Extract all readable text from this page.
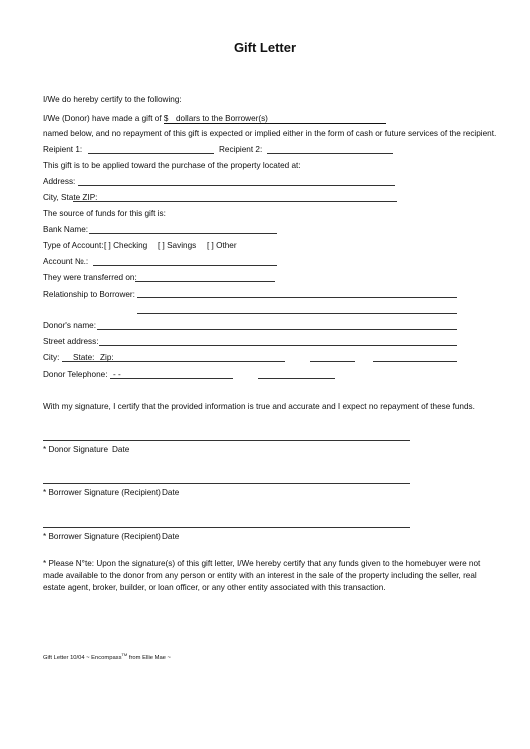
Gift Letter
I/We do hereby certify to the following:
I/We (Donor) have made a gift of $ dollars to the Borrower(s)
named below, and no repayment of this gift is expected or implied either in the form of cash or future services of the recipient.
Reipient 1:	Recipient 2:
This gift is to be applied toward the purchase of the property located at:
Address:
City, State ZIP:
The source of funds for this gift is:
Bank Name:
Type of Account: [ ] Checking [ ] Savings [ ] Other
Account №.:
They were transferred on:
Relationship to Borrower:
Donor's name:
Street address:
City: State: Zip:
Donor Telephone: - -
With my signature, I certify that the provided information is true and accurate and I expect no repayment of these funds.
* Donor Signature Date
* Borrower Signature (Recipient) Date
* Borrower Signature (Recipient) Date
* Please N°te: Upon the signature(s) of this gift letter, I/We hereby certify that any funds given to the homebuyer were not made available to the donor from any person or entity with an interest in the sale of the property including the seller, real estate agent, broker, builder, or loan officer, or any other entity associated with this transaction.
Gift Letter 10/04 ~ Encompass™ from Ellie Mae ~
